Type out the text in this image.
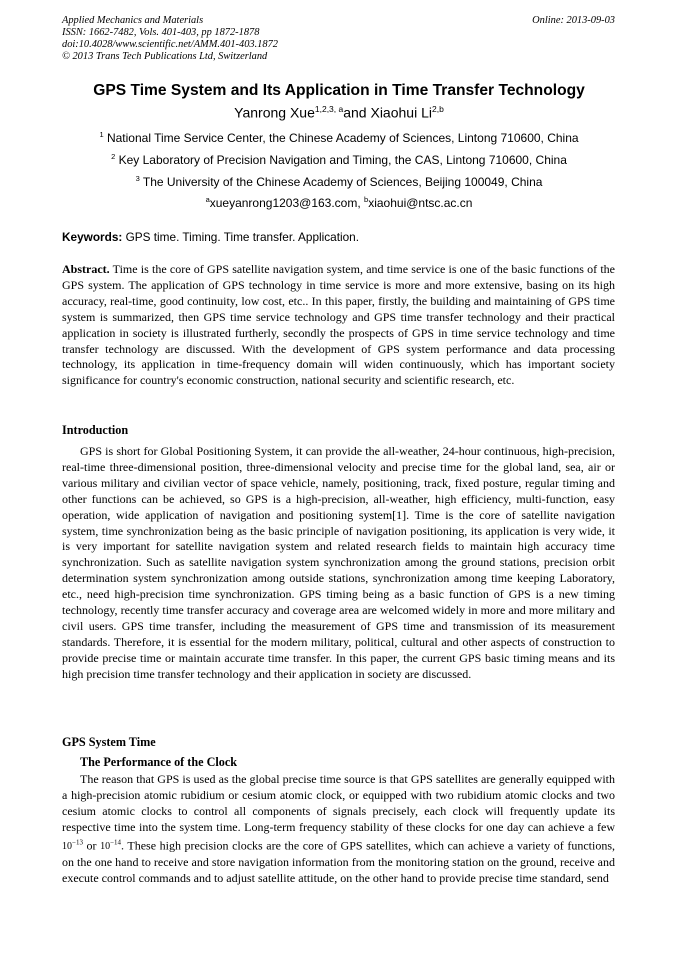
Applied Mechanics and Materials
ISSN: 1662-7482, Vols. 401-403, pp 1872-1878
doi:10.4028/www.scientific.net/AMM.401-403.1872
© 2013 Trans Tech Publications Ltd, Switzerland
Online: 2013-09-03
GPS Time System and Its Application in Time Transfer Technology
Yanrong Xue$^{1,2,3, a}$and Xiaohui Li$^{2,b}$
$^1$ National Time Service Center, the Chinese Academy of Sciences, Lintong 710600, China
$^2$ Key Laboratory of Precision Navigation and Timing, the CAS, Lintong 710600, China
$^3$ The University of the Chinese Academy of Sciences, Beijing 100049, China
$^a$xueyanrong1203@163.com, $^b$xiaohui@ntsc.ac.cn
Keywords: GPS time. Timing. Time transfer. Application.

Abstract. Time is the core of GPS satellite navigation system, and time service is one of the basic functions of the GPS system. The application of GPS technology in time service is more and more extensive, basing on its high accuracy, real-time, good continuity, low cost, etc.. In this paper, firstly, the building and maintaining of GPS time system is summarized, then GPS time service technology and GPS time transfer technology and their practical application in society is illustrated furtherly, secondly the prospects of GPS in time service technology and time transfer technology are discussed. With the development of GPS system performance and data processing technology, its application in time-frequency domain will widen continuously, which has important society significance for country's economic construction, national security and scientific research, etc.

Introduction

GPS is short for Global Positioning System, it can provide the all-weather, 24-hour continuous, high-precision, real-time three-dimensional position, three-dimensional velocity and precise time for the global land, sea, air or various military and civilian vector of space vehicle, namely, positioning, track, fixed posture, regular timing and other functions can be achieved, so GPS is a high-precision, all-weather, high efficiency, multi-function, easy operation, wide application of navigation and positioning system[1]. Time is the core of satellite navigation system, time synchronization being as the basic principle of navigation positioning, its application is very wide, it is very important for satellite navigation system and related research fields to maintain high accuracy time synchronization. Such as satellite navigation system synchronization among the ground stations, precision orbit determination system synchronization among outside stations, synchronization among time keeping Laboratory, etc., need high-precision time synchronization. GPS timing being as a basic function of GPS is a new timing technology, recently time transfer accuracy and coverage area are welcomed widely in more and more military and civil users. GPS time transfer, including the measurement of GPS time and transmission of its measurement standards. Therefore, it is essential for the modern military, political, cultural and other aspects of construction to provide precise time or maintain accurate time transfer. In this paper, the current GPS basic timing means and its high precision time transfer technology and their application in society are discussed.

GPS System Time
The Performance of the Clock

The reason that GPS is used as the global precise time source is that GPS satellites are generally equipped with a high-precision atomic rubidium or cesium atomic clock, or equipped with two rubidium atomic clocks and two cesium atomic clocks to control all components of signals precisely, each clock will frequently update its respective time into the system time. Long-term frequency stability of these clocks for one day can achieve a few $10^{-13}$ or $10^{-14}$. These high precision clocks are the core of GPS satellites, which can achieve a variety of functions, on the one hand to receive and store navigation information from the monitoring station on the ground, receive and execute control commands and to adjust satellite attitude, on the other hand to provide precise time standard, send
